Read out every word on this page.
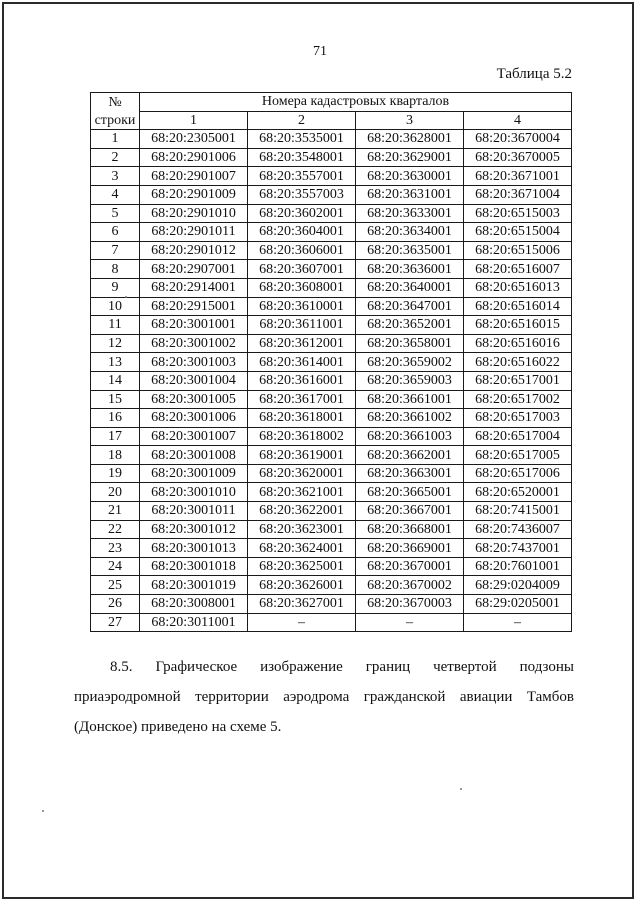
71
Таблица 5.2
№	Номера кадастровых кварталов			
строки	1	2	3	4
1	68:20:2305001	68:20:3535001	68:20:3628001	68:20:3670004
2	68:20:2901006	68:20:3548001	68:20:3629001	68:20:3670005
3	68:20:2901007	68:20:3557001	68:20:3630001	68:20:3671001
4	68:20:2901009	68:20:3557003	68:20:3631001	68:20:3671004
5	68:20:2901010	68:20:3602001	68:20:3633001	68:20:6515003
6	68:20:2901011	68:20:3604001	68:20:3634001	68:20:6515004
7	68:20:2901012	68:20:3606001	68:20:3635001	68:20:6515006
8	68:20:2907001	68:20:3607001	68:20:3636001	68:20:6516007
9	68:20:2914001	68:20:3608001	68:20:3640001	68:20:6516013
10	68:20:2915001	68:20:3610001	68:20:3647001	68:20:6516014
11	68:20:3001001	68:20:3611001	68:20:3652001	68:20:6516015
12	68:20:3001002	68:20:3612001	68:20:3658001	68:20:6516016
13	68:20:3001003	68:20:3614001	68:20:3659002	68:20:6516022
14	68:20:3001004	68:20:3616001	68:20:3659003	68:20:6517001
15	68:20:3001005	68:20:3617001	68:20:3661001	68:20:6517002
16	68:20:3001006	68:20:3618001	68:20:3661002	68:20:6517003
17	68:20:3001007	68:20:3618002	68:20:3661003	68:20:6517004
18	68:20:3001008	68:20:3619001	68:20:3662001	68:20:6517005
19	68:20:3001009	68:20:3620001	68:20:3663001	68:20:6517006
20	68:20:3001010	68:20:3621001	68:20:3665001	68:20:6520001
21	68:20:3001011	68:20:3622001	68:20:3667001	68:20:7415001
22	68:20:3001012	68:20:3623001	68:20:3668001	68:20:7436007
23	68:20:3001013	68:20:3624001	68:20:3669001	68:20:7437001
24	68:20:3001018	68:20:3625001	68:20:3670001	68:20:7601001
25	68:20:3001019	68:20:3626001	68:20:3670002	68:29:0204009
26	68:20:3008001	68:20:3627001	68:20:3670003	68:29:0205001
27	68:20:3011001	–	–	–
8.5. Графическое изображение границ четвертой подзоны приаэродромной территории аэродрома гражданской авиации Тамбов (Донское) приведено на схеме 5.
